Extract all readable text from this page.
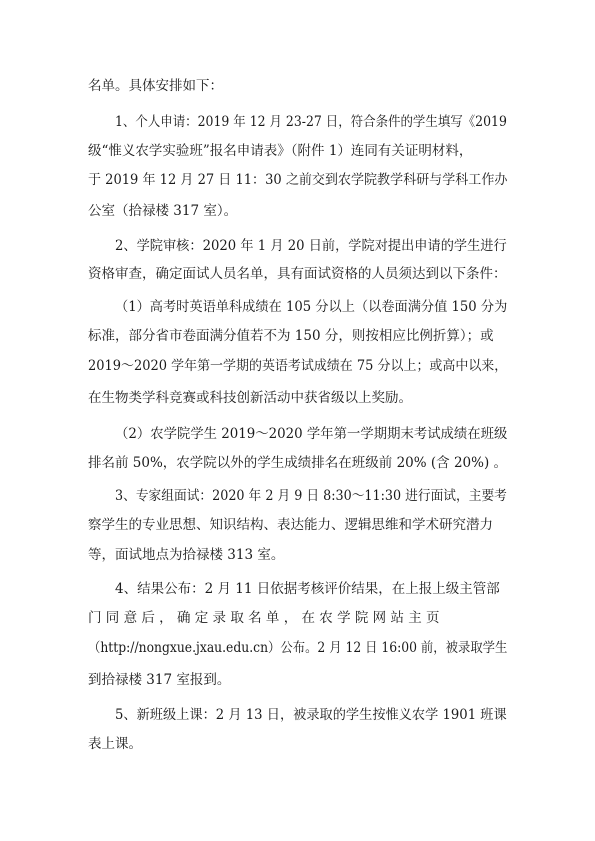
名单。具体安排如下：
1、个人申请：2019 年 12 月 23-27 日，符合条件的学生填写《2019
级“惟义农学实验班”报名申请表》（附件 1）连同有关证明材料，
于 2019 年 12 月 27 日 11：30 之前交到农学院教学科研与学科工作办
公室（拾禄楼 317 室）。
2、学院审核：2020 年 1 月 20 日前，学院对提出申请的学生进行
资格审查，确定面试人员名单，具有面试资格的人员须达到以下条件：
（1）高考时英语单科成绩在 105 分以上（以卷面满分值 150 分为
标准，部分省市卷面满分值若不为 150 分，则按相应比例折算）；或
2019～2020 学年第一学期的英语考试成绩在 75 分以上；或高中以来，
在生物类学科竞赛或科技创新活动中获省级以上奖励。
（2）农学院学生 2019～2020 学年第一学期期末考试成绩在班级
排名前 50%，农学院以外的学生成绩排名在班级前 20% (含 20%) 。
3、专家组面试：2020 年 2 月 9 日 8:30～11:30 进行面试，主要考
察学生的专业思想、知识结构、表达能力、逻辑思维和学术研究潜力
等，面试地点为拾禄楼 313 室。
4、结果公布：2 月 11 日依据考核评价结果，在上报上级主管部
门 同 意 后 ， 确 定 录 取 名 单 ， 在 农 学 院 网 站 主 页
（http://nongxue.jxau.edu.cn）公布。2 月 12 日 16:00 前，被录取学生
到拾禄楼 317 室报到。
5、新班级上课：2 月 13 日，被录取的学生按惟义农学 1901 班课
表上课。
